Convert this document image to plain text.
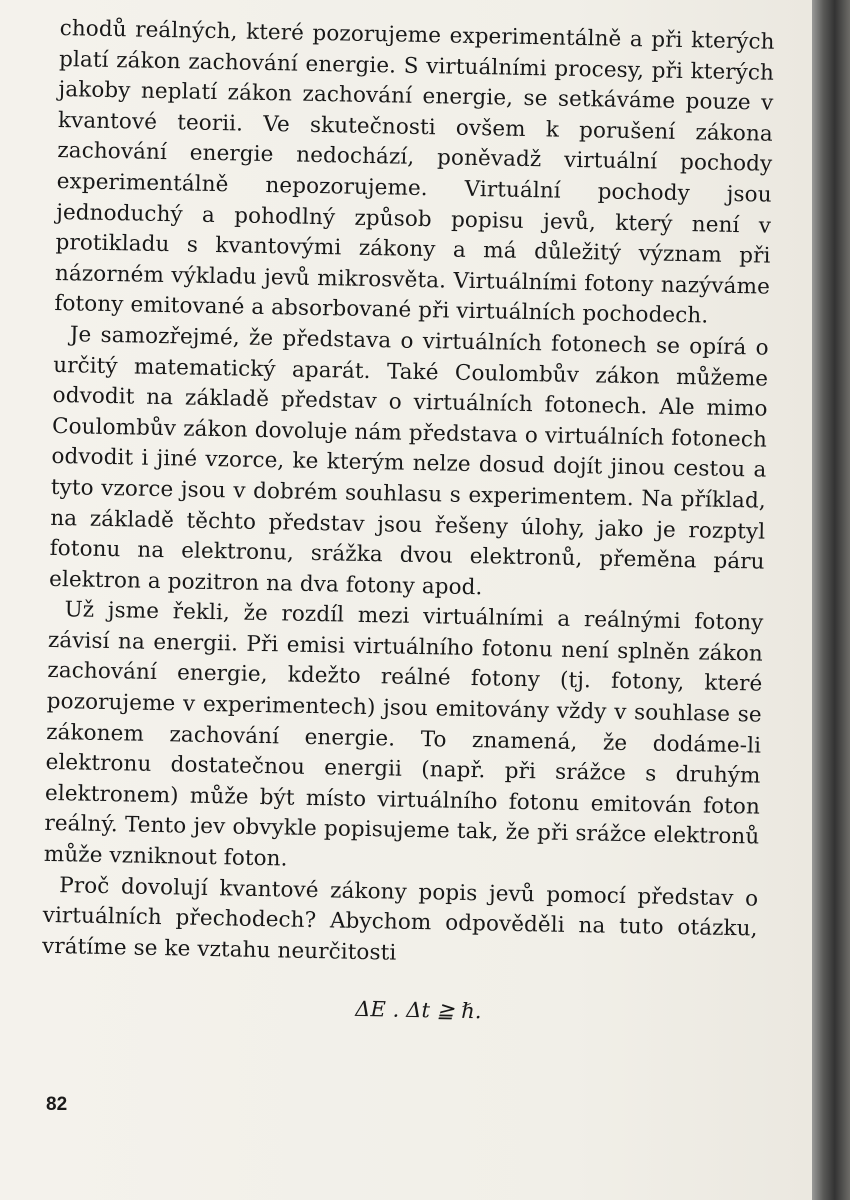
chodů reálných, které pozorujeme experimentálně a při kterých platí zákon zachování energie. S virtuálními procesy, při kterých jakoby neplatí zákon zachování energie, se setkáváme pouze v kvantové teorii. Ve skutečnosti ovšem k porušení zákona zachování energie nedochází, poněvadž virtuální pochody experimentálně nepozorujeme. Virtuální pochody jsou jednoduchý a pohodlný způsob popisu jevů, který není v protikladu s kvantovými zákony a má důležitý význam při názorném výkladu jevů mikrosvěta. Virtuálními fotony nazýváme fotony emitované a absorbované při virtuálních pochodech.

Je samozřejmé, že představa o virtuálních fotonech se opírá o určitý matematický aparát. Také Coulombův zákon můžeme odvodit na základě představ o virtuálních fotonech. Ale mimo Coulombův zákon dovoluje nám představa o virtuálních fotonech odvodit i jiné vzorce, ke kterým nelze dosud dojít jinou cestou a tyto vzorce jsou v dobrém souhlasu s experimentem. Na příklad, na základě těchto představ jsou řešeny úlohy, jako je rozptyl fotonu na elektronu, srážka dvou elektronů, přeměna páru elektron a pozitron na dva fotony apod.

Už jsme řekli, že rozdíl mezi virtuálními a reálnými fotony závisí na energii. Při emisi virtuálního fotonu není splněn zákon zachování energie, kdežto reálné fotony (tj. fotony, které pozorujeme v experimentech) jsou emitovány vždy v souhlase se zákonem zachování energie. To znamená, že dodáme-li elektronu dostatečnou energii (např. při srážce s druhým elektronem) může být místo virtuálního fotonu emitován foton reálný. Tento jev obvykle popisujeme tak, že při srážce elektronů může vzniknout foton.

Proč dovolují kvantové zákony popis jevů pomocí představ o virtuálních přechodech? Abychom odpověděli na tuto otázku, vrátíme se ke vztahu neurčitosti

ΔE . Δt ≧ ℏ.
82
